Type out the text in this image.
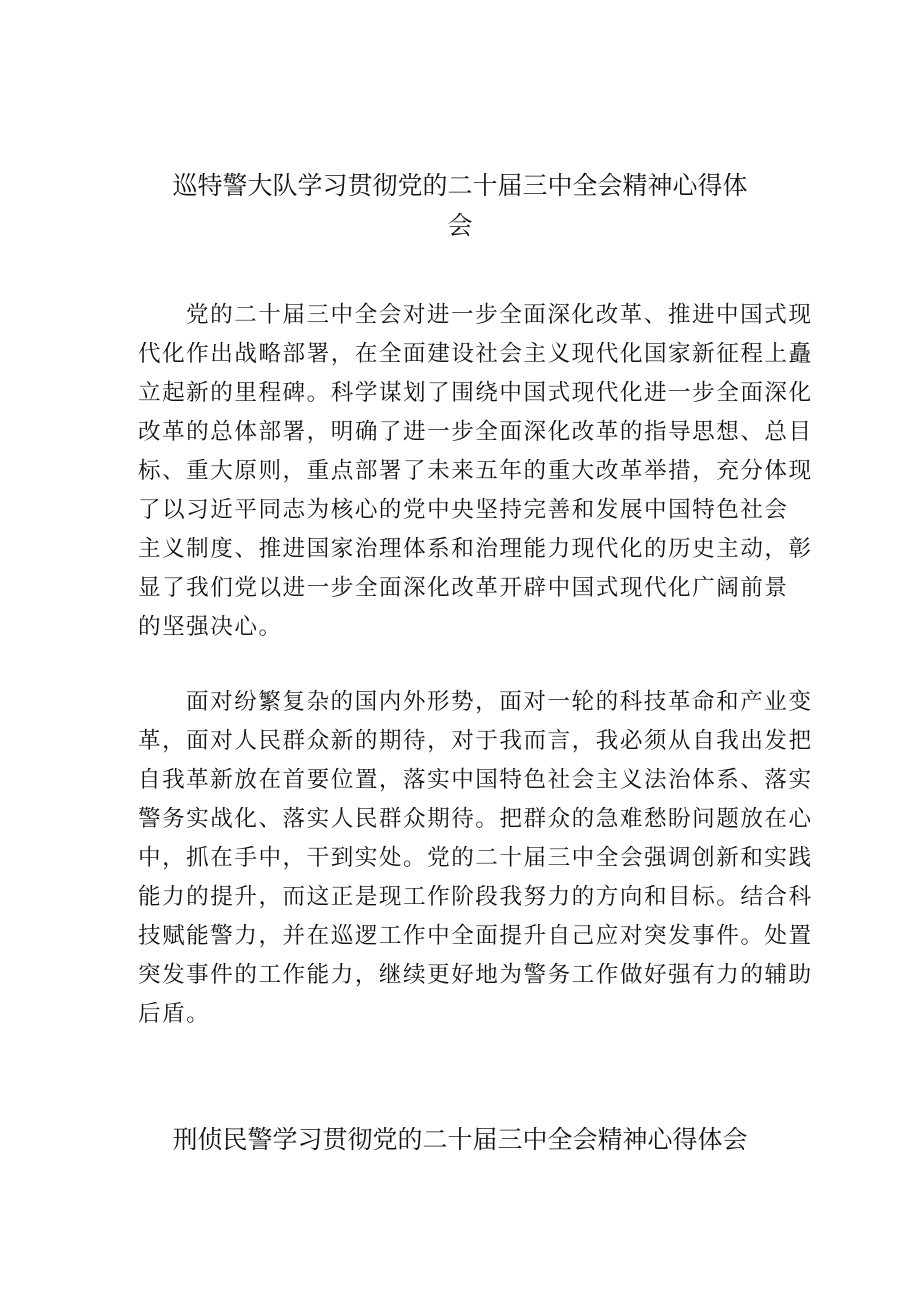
巡特警大队学习贯彻党的二十届三中全会精神心得体
会
党的二十届三中全会对进一步全面深化改革、推进中国式现
代化作出战略部署，在全面建设社会主义现代化国家新征程上矗
立起新的里程碑。科学谋划了围绕中国式现代化进一步全面深化
改革的总体部署，明确了进一步全面深化改革的指导思想、总目
标、重大原则，重点部署了未来五年的重大改革举措，充分体现
了以习近平同志为核心的党中央坚持完善和发展中国特色社会
主义制度、推进国家治理体系和治理能力现代化的历史主动，彰
显了我们党以进一步全面深化改革开辟中国式现代化广阔前景
的坚强决心。
面对纷繁复杂的国内外形势，面对一轮的科技革命和产业变
革，面对人民群众新的期待，对于我而言，我必须从自我出发把
自我革新放在首要位置，落实中国特色社会主义法治体系、落实
警务实战化、落实人民群众期待。把群众的急难愁盼问题放在心
中，抓在手中，干到实处。党的二十届三中全会强调创新和实践
能力的提升，而这正是现工作阶段我努力的方向和目标。结合科
技赋能警力，并在巡逻工作中全面提升自己应对突发事件。处置
突发事件的工作能力，继续更好地为警务工作做好强有力的辅助
后盾。
刑侦民警学习贯彻党的二十届三中全会精神心得体会
